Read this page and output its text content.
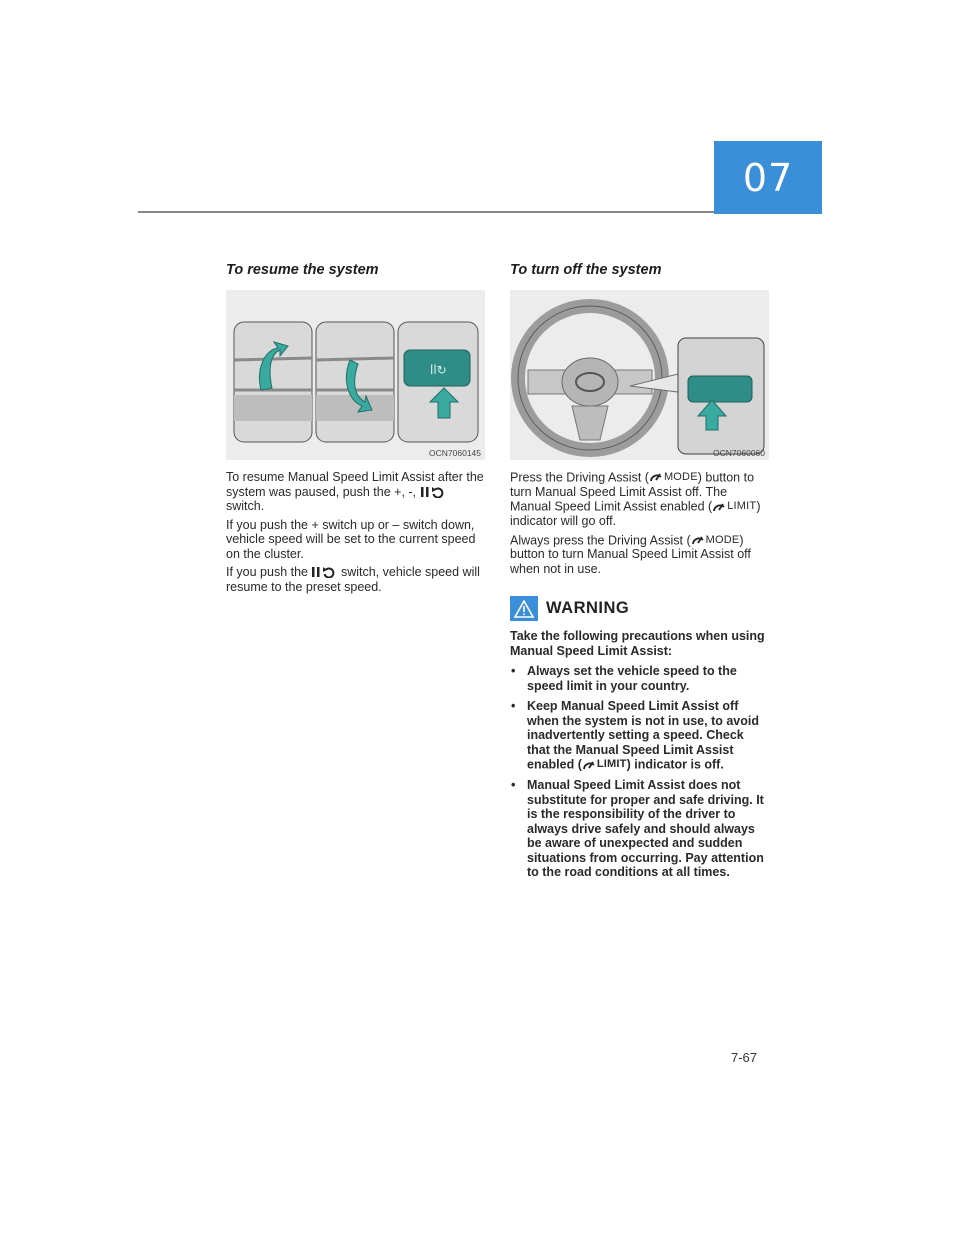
07
To resume the system
ll↻
OCN7060145

To resume Manual Speed Limit Assist after the system was paused, push the +, -,
switch.

If you push the + switch up or – switch down, vehicle speed will be set to the current speed on the cluster.

If you push the
switch, vehicle speed will resume to the preset speed.

To turn off the system
OCN7060060

Press the Driving Assist ( MODE ) button to turn Manual Speed Limit Assist off. The Manual Speed Limit Assist enabled ( LIMIT ) indicator will go off.

Always press the Driving Assist ( MODE ) button to turn Manual Speed Limit Assist off when not in use.

WARNING

Take the following precautions when using Manual Speed Limit Assist:

• Always set the vehicle speed to the speed limit in your country.
• Keep Manual Speed Limit Assist off when the system is not in use, to avoid inadvertently setting a speed. Check that the Manual Speed Limit Assist enabled ( LIMIT ) indicator is off.
• Manual Speed Limit Assist does not substitute for proper and safe driving. It is the responsibility of the driver to always drive safely and should always be aware of unexpected and sudden situations from occurring. Pay attention to the road conditions at all times.
7-67
